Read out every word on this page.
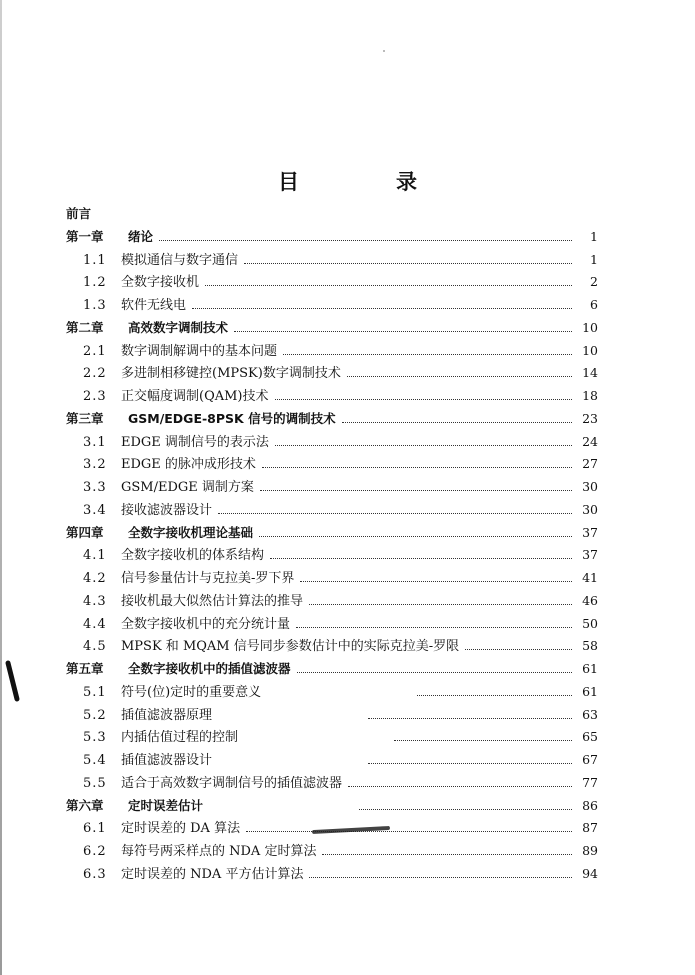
目　录
前言
第一章	绪论	1
1.1	模拟通信与数字通信	1
1.2	全数字接收机	2
1.3	软件无线电	6
第二章	高效数字调制技术	10
2.1	数字调制解调中的基本问题	10
2.2	多进制相移键控(MPSK)数字调制技术	14
2.3	正交幅度调制(QAM)技术	18
第三章	GSM/EDGE-8PSK 信号的调制技术	23
3.1	EDGE 调制信号的表示法	24
3.2	EDGE 的脉冲成形技术	27
3.3	GSM/EDGE 调制方案	30
3.4	接收滤波器设计	30
第四章	全数字接收机理论基础	37
4.1	全数字接收机的体系结构	37
4.2	信号参量估计与克拉美-罗下界	41
4.3	接收机最大似然估计算法的推导	46
4.4	全数字接收机中的充分统计量	50
4.5	MPSK 和 MQAM 信号同步参数估计中的实际克拉美-罗限	58
第五章	全数字接收机中的插值滤波器	61
5.1	符号(位)定时的重要意义	61
5.2	插值滤波器原理	63
5.3	内插估值过程的控制	65
5.4	插值滤波器设计	67
5.5	适合于高效数字调制信号的插值滤波器	77
第六章	定时误差估计	86
6.1	定时误差的 DA 算法	87
6.2	每符号两采样点的 NDA 定时算法	89
6.3	定时误差的 NDA 平方估计算法	94
